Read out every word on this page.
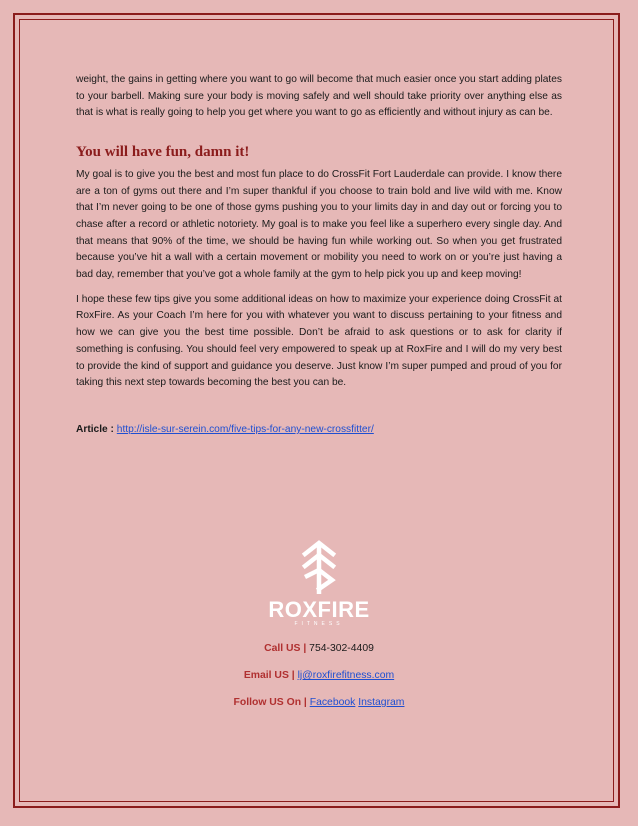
weight, the gains in getting where you want to go will become that much easier once you start adding plates to your barbell. Making sure your body is moving safely and well should take priority over anything else as that is what is really going to help you get where you want to go as efficiently and without injury as can be.

You will have fun, damn it!

My goal is to give you the best and most fun place to do CrossFit Fort Lauderdale can provide. I know there are a ton of gyms out there and I’m super thankful if you choose to train bold and live wild with me. Know that I’m never going to be one of those gyms pushing you to your limits day in and day out or forcing you to chase after a record or athletic notoriety. My goal is to make you feel like a superhero every single day. And that means that 90% of the time, we should be having fun while working out. So when you get frustrated because you’ve hit a wall with a certain movement or mobility you need to work on or you’re just having a bad day, remember that you’ve got a whole family at the gym to help pick you up and keep moving!

I hope these few tips give you some additional ideas on how to maximize your experience doing CrossFit at RoxFire. As your Coach I’m here for you with whatever you want to discuss pertaining to your fitness and how we can give you the best time possible. Don’t be afraid to ask questions or to ask for clarity if something is confusing. You should feel very empowered to speak up at RoxFire and I will do my very best to provide the kind of support and guidance you deserve. Just know I’m super pumped and proud of you for taking this next step towards becoming the best you can be.

Article : http://isle-sur-serein.com/five-tips-for-any-new-crossfitter/

ROXFIRE
FITNESS
Call US | 754-302-4409
Email US | lj@roxfirefitness.com
Follow US On | Facebook Instagram
